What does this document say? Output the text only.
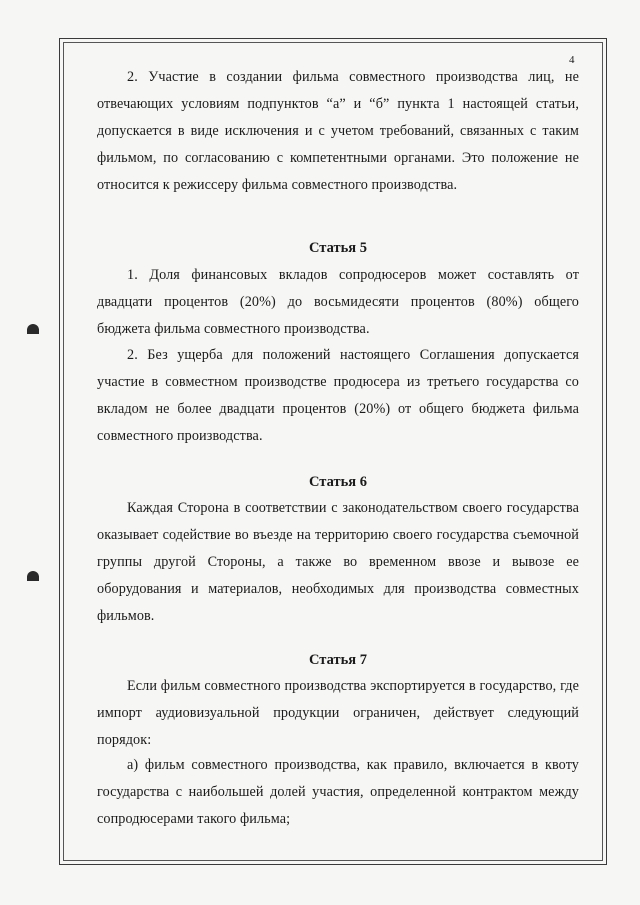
4

2. Участие в создании фильма совместного производства лиц, не отвечающих условиям подпунктов “а” и “б” пункта 1 настоящей статьи, допускается в виде исключения и с учетом требований, связанных с таким фильмом, по согласованию с компетентными органами. Это положение не относится к режиссеру фильма совместного производства.

Статья 5

1. Доля финансовых вкладов сопродюсеров может составлять от двадцати процентов (20%) до восьмидесяти процентов (80%) общего бюджета фильма совместного производства.

2. Без ущерба для положений настоящего Соглашения допускается участие в совместном производстве продюсера из третьего государства со вкладом не более двадцати процентов (20%) от общего бюджета фильма совместного производства.

Статья 6

Каждая Сторона в соответствии с законодательством своего государства оказывает содействие во въезде на территорию своего государства съемочной группы другой Стороны, а также во временном ввозе и вывозе ее оборудования и материалов, необходимых для производства совместных фильмов.

Статья 7

Если фильм совместного производства экспортируется в государство, где импорт аудиовизуальной продукции ограничен, действует следующий порядок:

а) фильм совместного производства, как правило, включается в квоту государства с наибольшей долей участия, определенной контрактом между сопродюсерами такого фильма;
